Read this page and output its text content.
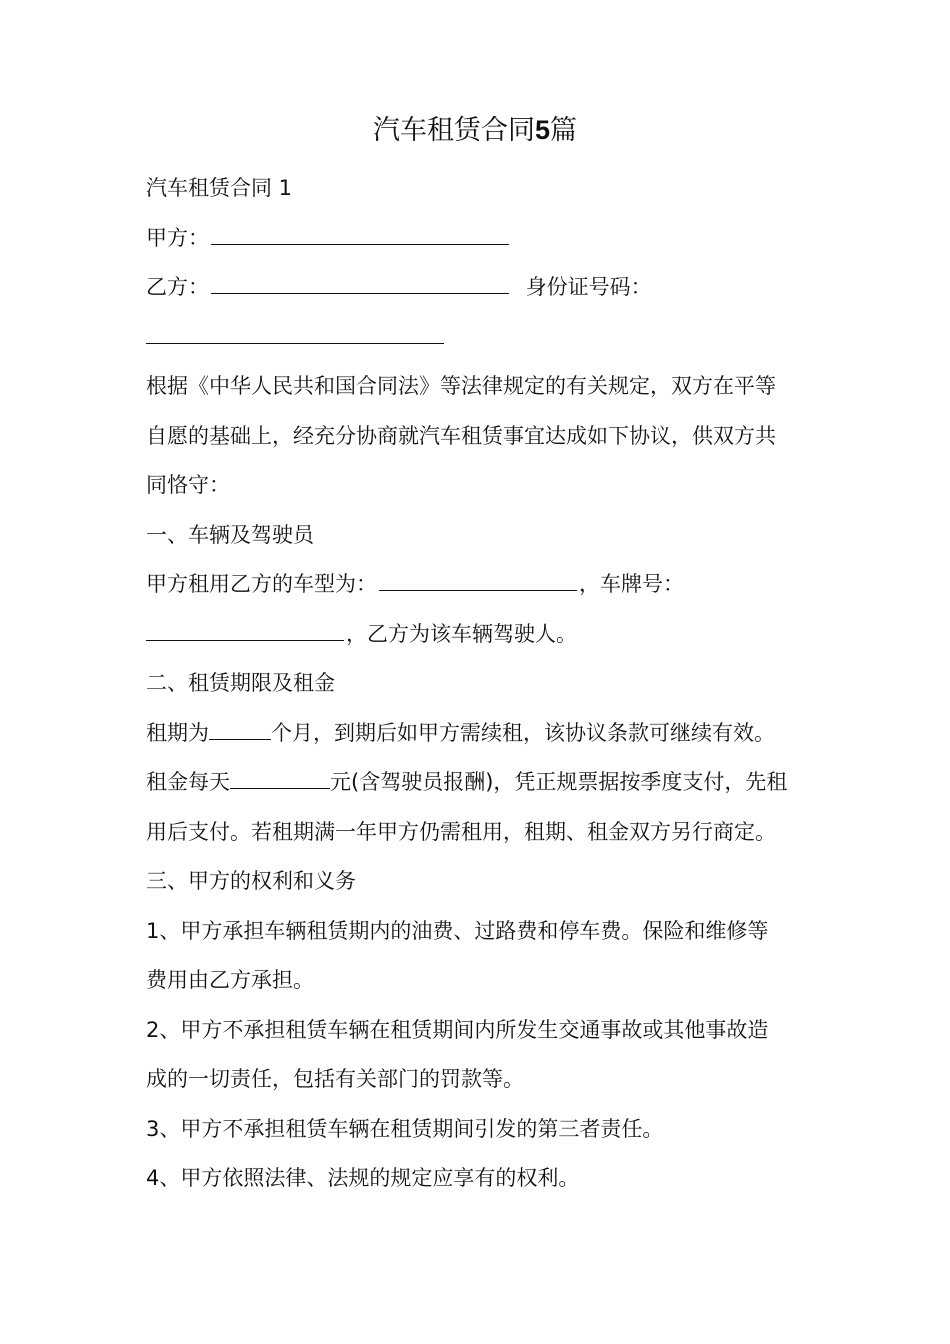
汽车租赁合同5篇
汽车租赁合同 1
甲方：
乙方：	身份证号码：
根据《中华人民共和国合同法》等法律规定的有关规定，双方在平等
自愿的基础上，经充分协商就汽车租赁事宜达成如下协议，供双方共
同恪守：
一、车辆及驾驶员
甲方租用乙方的车型为：	，车牌号：
，乙方为该车辆驾驶人。
二、租赁期限及租金
租期为	个月，到期后如甲方需续租，该协议条款可继续有效。
租金每天	元(含驾驶员报酬)，凭正规票据按季度支付，先租
用后支付。若租期满一年甲方仍需租用，租期、租金双方另行商定。
三、甲方的权利和义务
1、甲方承担车辆租赁期内的油费、过路费和停车费。保险和维修等
费用由乙方承担。
2、甲方不承担租赁车辆在租赁期间内所发生交通事故或其他事故造
成的一切责任，包括有关部门的罚款等。
3、甲方不承担租赁车辆在租赁期间引发的第三者责任。
4、甲方依照法律、法规的规定应享有的权利。
